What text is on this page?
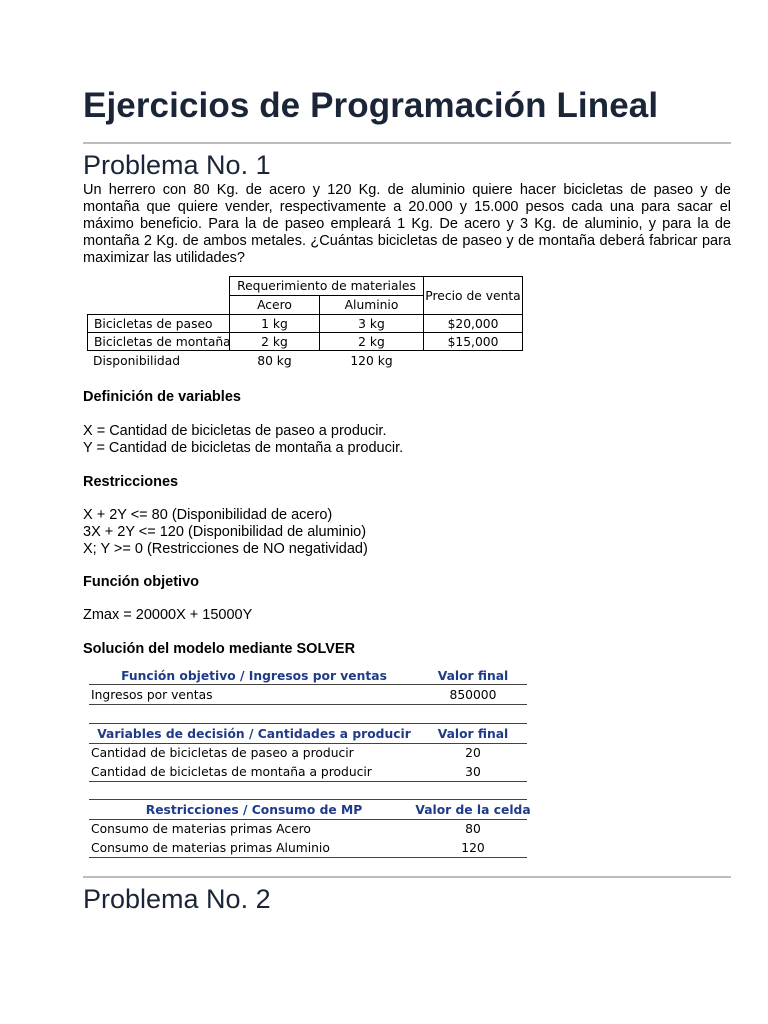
Ejercicios de Programación Lineal
Problema No. 1
Un herrero con 80 Kg. de acero y 120 Kg. de aluminio quiere hacer bicicletas de paseo y de montaña que quiere vender, respectivamente a 20.000 y 15.000 pesos cada una para sacar el máximo beneficio. Para la de paseo empleará 1 Kg. De acero y 3 Kg. de aluminio, y para la de montaña 2 Kg. de ambos metales. ¿Cuántas bicicletas de paseo y de montaña deberá fabricar para maximizar las utilidades?
Requerimiento de materiales
Acero	Aluminio
Precio de venta
Bicicletas de paseo	1 kg	3 kg	$ 20,000
Bicicletas de montaña	2 kg	2 kg	$ 15,000
Disponibilidad	80 kg	120 kg
Definición de variables
X = Cantidad de bicicletas de paseo a producir.
Y = Cantidad de bicicletas de montaña a producir.
Restricciones
X + 2Y <= 80 (Disponibilidad de acero)
3X + 2Y <= 120 (Disponibilidad de aluminio)
X; Y >= 0 (Restricciones de NO negatividad)
Función objetivo
Zmax = 20000X + 15000Y
Solución del modelo mediante SOLVER
Función objetivo / Ingresos por ventas	Valor final
Ingresos por ventas	850000
Variables de decisión / Cantidades a producir	Valor final
Cantidad de bicicletas de paseo a producir	20
Cantidad de bicicletas de montaña a producir	30
Restricciones / Consumo de MP	Valor de la celda
Consumo de materias primas Acero	80
Consumo de materias primas Aluminio	120
Problema No. 2
